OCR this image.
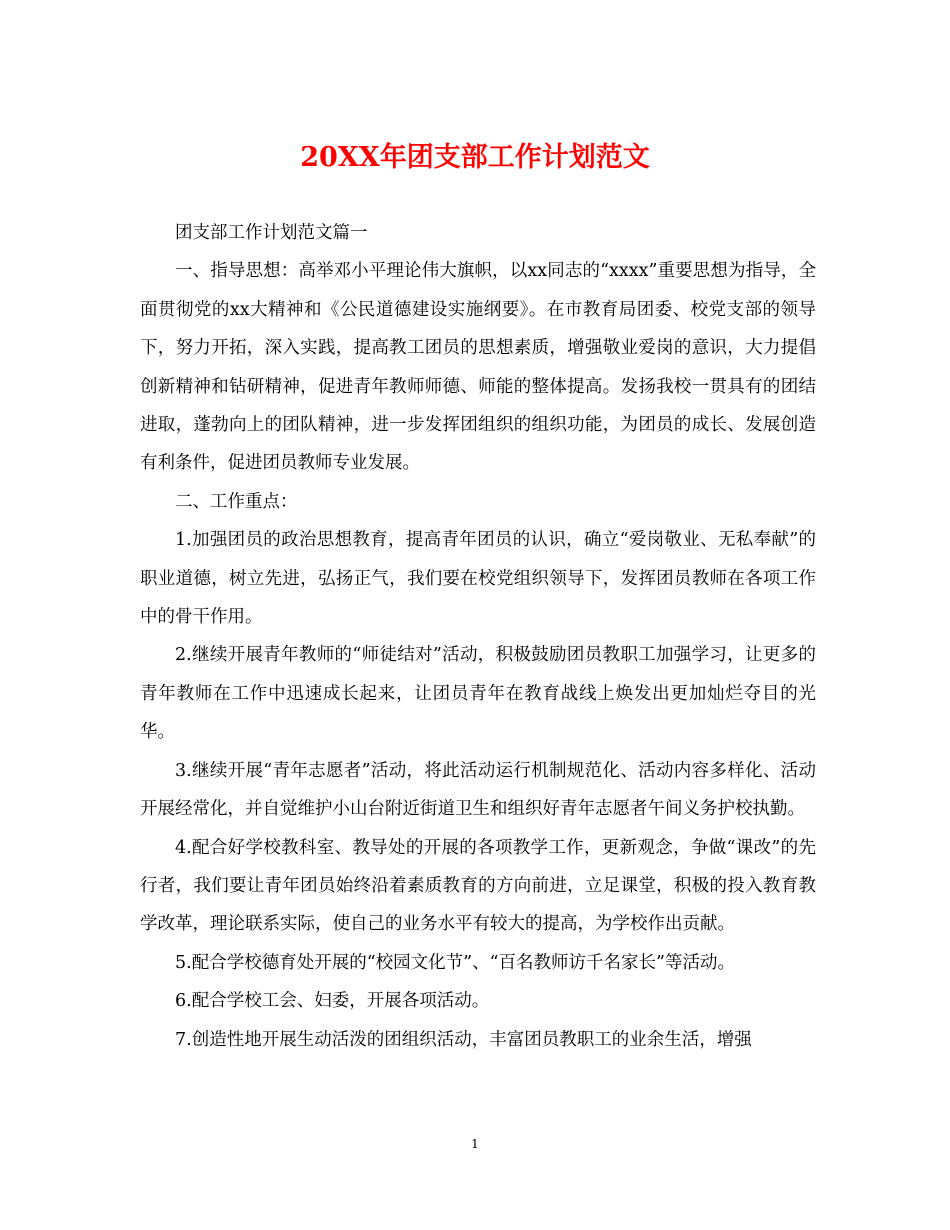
20XX年团支部工作计划范文

团支部工作计划范文篇一

一、指导思想：高举邓小平理论伟大旗帜，以xx同志的“xxxx”重要思想为指导，全面贯彻党的xx大精神和《公民道德建设实施纲要》。在市教育局团委、校党支部的领导下，努力开拓，深入实践，提高教工团员的思想素质，增强敬业爱岗的意识，大力提倡创新精神和钻研精神，促进青年教师师德、师能的整体提高。发扬我校一贯具有的团结进取，蓬勃向上的团队精神，进一步发挥团组织的组织功能，为团员的成长、发展创造有利条件，促进团员教师专业发展。

二、工作重点：

1.加强团员的政治思想教育，提高青年团员的认识，确立“爱岗敬业、无私奉献”的职业道德，树立先进，弘扬正气，我们要在校党组织领导下，发挥团员教师在各项工作中的骨干作用。

2.继续开展青年教师的“师徒结对”活动，积极鼓励团员教职工加强学习，让更多的青年教师在工作中迅速成长起来，让团员青年在教育战线上焕发出更加灿烂夺目的光华。

3.继续开展“青年志愿者”活动，将此活动运行机制规范化、活动内容多样化、活动开展经常化，并自觉维护小山台附近街道卫生和组织好青年志愿者午间义务护校执勤。

4.配合好学校教科室、教导处的开展的各项教学工作，更新观念，争做“课改”的先行者，我们要让青年团员始终沿着素质教育的方向前进，立足课堂，积极的投入教育教学改革，理论联系实际，使自己的业务水平有较大的提高，为学校作出贡献。

5.配合学校德育处开展的“校园文化节”、“百名教师访千名家长”等活动。

6.配合学校工会、妇委，开展各项活动。

7.创造性地开展生动活泼的团组织活动，丰富团员教职工的业余生活，增强

1
